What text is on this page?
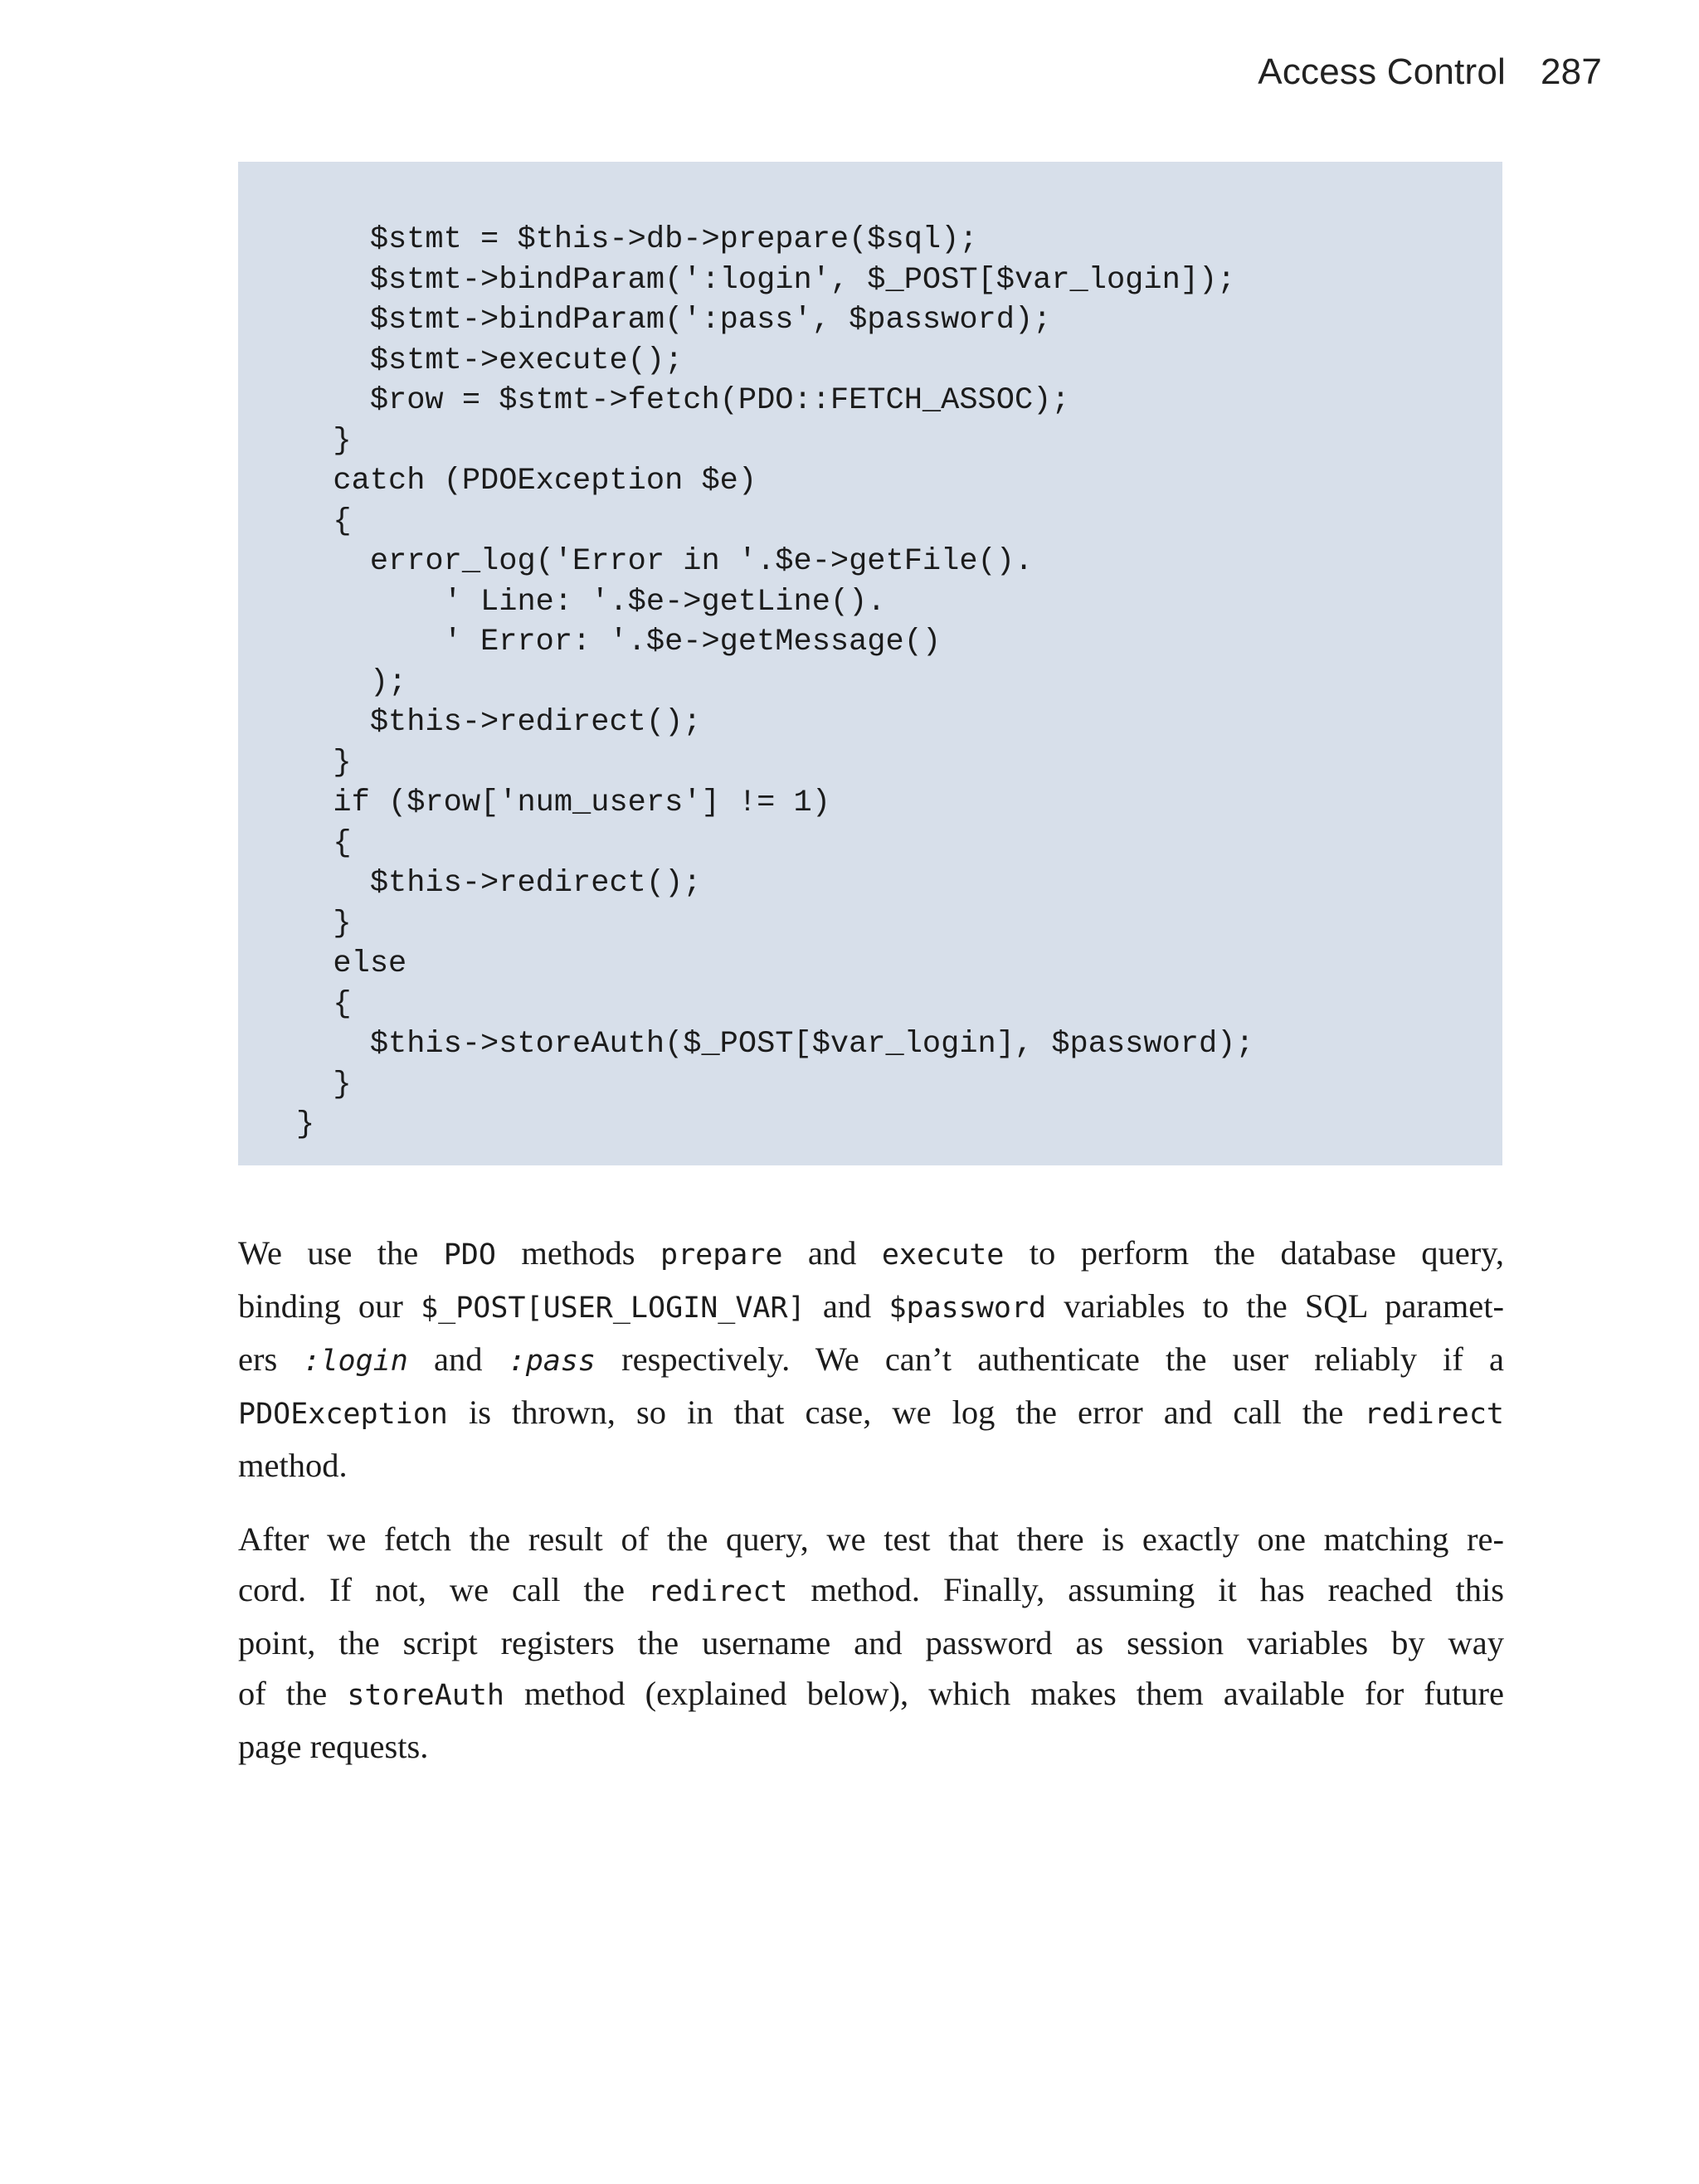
Access Control 287
$stmt = $this->db->prepare($sql);
$stmt->bindParam(':login', $_POST[$var_login]);
$stmt->bindParam(':pass', $password);
$stmt->execute();
$row = $stmt->fetch(PDO::FETCH_ASSOC);
}
catch (PDOException $e)
{
error_log('Error in '.$e->getFile().
' Line: '.$e->getLine().
' Error: '.$e->getMessage()
);
$this->redirect();
}
if ($row['num_users'] != 1)
{
$this->redirect();
}
else
{
$this->storeAuth($_POST[$var_login], $password);
}
}
We use the PDO methods prepare and execute to perform the database query,
binding our $_POST[USER_LOGIN_VAR] and $password variables to the SQL paramet-
ers :login and :pass respectively. We can’t authenticate the user reliably if a
PDOException is thrown, so in that case, we log the error and call the redirect
method.
After we fetch the result of the query, we test that there is exactly one matching re-
cord. If not, we call the redirect method. Finally, assuming it has reached this
point, the script registers the username and password as session variables by way
of the storeAuth method (explained below), which makes them available for future
page requests.
